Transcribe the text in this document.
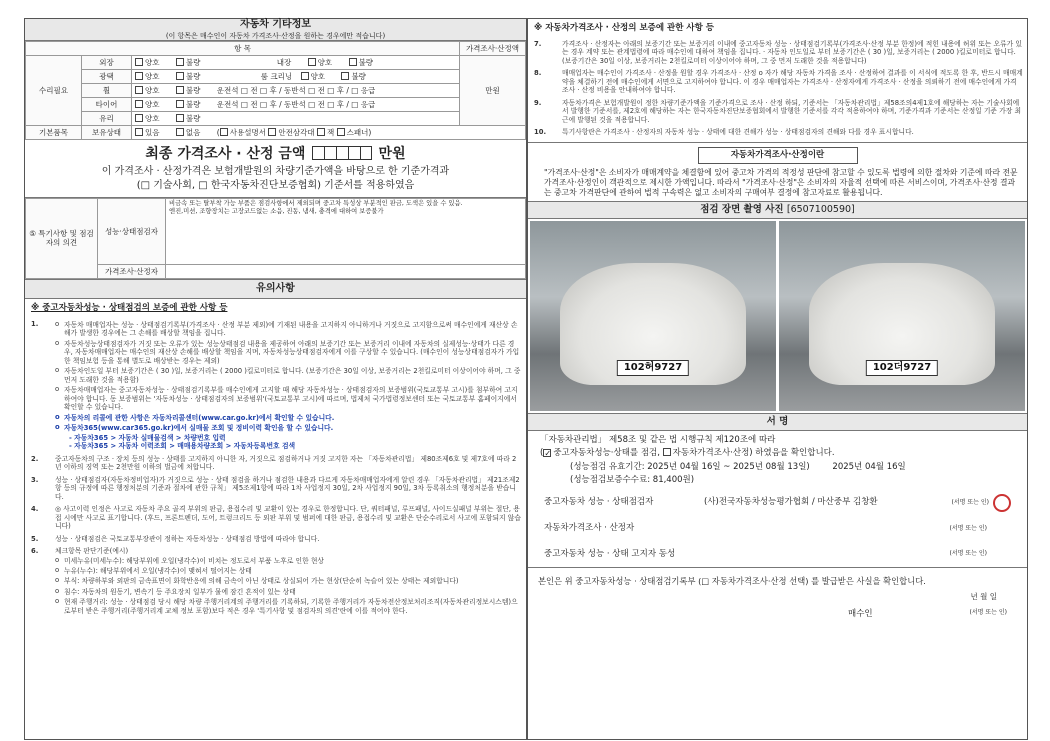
자동차 기타정보
(이 항목은 매수인이 자동차 가격조사·산정을 원하는 경우에만 적습니다)
항 목			가격조사·산정액
수리필요	외장	양호 불량 내장 양호 불량	만원
	광택	양호 불량 룸 크리닝 양호 불량	
	휠	양호 불량 운전석 □ 전 □ 후 / 동반석 □ 전 □ 후 / □ 응급	
	타이어	양호 불량 운전석 □ 전 □ 후 / 동반석 □ 전 □ 후 / □ 응급	
	유리	양호 불량	
기본품목	보유상태	있음 없음 ( 사용설명서 안전삼각대 잭 스패너)	
최종 가격조사 · 산정 금액	만원

이 가격조사 · 산정가격은 보험개발원의 차량기준가액을 바탕으로 한 기준가격과

(□ 기술사회, □ 한국자동차진단보증협회) 기준서를 적용하였음

⑤ 특기사항 및 점검자의 의견	성능·상태점검자	비금속 또는 탈부착 가능 부품은 점검사항에서 제외되며 중고차 특성상 부분적인 판금, 도색은 있을 수 있음.
엔진,미션, 조향장치는 고장코드없는 소음, 진동, 냄새, 충격에 대하여 보증불가
	가격조사·산정자	
유의사항
※ 중고자동차성능 · 상태점검의 보증에 관한 사항 등
1.	o 자동차 매매업자는 성능 · 상태점검기록부(가격조사 · 산정 부분 제외)에 기재된 내용을 고지하지 아니하거나 거짓으로 고지함으로써 매수인에게 재산상 손해가 발생한 경우에는 그 손해를 배상할 책임을 집니다.
o 자동차성능상태점검자가 거짓 또는 오류가 있는 성능상태점검 내용을 제공하여 아래의 보증기간 또는 보증거리 이내에 자동차의 실제성능·상태가 다른 경우, 자동차매매업자는 매수인의 재산상 손해를 배상할 책임을 지며, 자동차성능상태점검자에게 이를 구상할 수 있습니다. (매수인이 성능상태점검자가 가입한 책임보험 등을 통해 별도로 배상받는 경우는 제외)
o 자동차인도일 부터 보증기간은 ( 30 )일, 보증거리는 ( 2000 )킬로미터로 합니다. (보증기간은 30일 이상, 보증거리는 2천킬로미터 이상이어야 하며, 그 중 먼저 도래한 것을 적용함)
o 자동차매매업자는 중고자동차성능 · 상태점검기록부를 매수인에게 고지할 때 해당 자동차성능 · 상태점검자의 보증범위(국토교통부 고시)를 첨부하여 고지하여야 합니다. 동 보증범위는 '자동차성능 · 상태점검자의 보증범위'(국토교통부 고시)에 따르며, 법제처 국가법령정보센터 또는 국토교통부 홈페이지에서 확인할 수 있습니다.
o 자동차의 리콜에 관한 사항은 자동차리콜센터(www.car.go.kr)에서 확인할 수 있습니다.
o 자동차365(www.car365.go.kr)에서 실매물 조회 및 정비이력 확인을 할 수 있습니다.
- 자동차365 > 자동차 실매물검색 > 차량번호 입력
- 자동차365 > 자동차 이력조회 > 매매용차량조회 > 자동차등록번호 검색
2. 중고자동차의 구조 · 장치 등의 성능 · 상태를 고지하지 아니한 자, 거짓으로 점검하거나 거짓 고지한 자는 「자동차관리법」 제80조제6호 및 제7호에 따라 2년 이하의 징역 또는 2천만원 이하의 벌금에 처합니다.
3. 성능 · 상태점검자(자동차정비업자)가 거짓으로 성능 · 상태 점검을 하거나 점검한 내용과 다르게 자동차매매업자에게 알린 경우 「자동차관리법」 제21조제2항 등의 규정에 따른 행정처분의 기준과 절차에 관한 규칙」 제5조제1항에 따라 1차 사업정지 30일, 2차 사업정지 90일, 3차 등록취소의 행정처분을 받습니다.
4. ◎ 사고이력 인정은 사고로 자동차 주요 골격 부위의 판금, 용접수리 및 교환이 있는 경우로 한정합니다. 단, 쿼터패널, 루프패널, 사이드실패널 부위는 절단, 용접 시에만 사고로 표기합니다. (후드, 프론트펜더, 도어, 트렁크리드 등 외판 부위 및 범퍼에 대한 판금, 용접수리 및 교환은 단순수리로서 사고에 포함되지 않습니다)
5. 성능 · 상태점검은 국토교통부장관이 정하는 자동차성능 · 상태점검 방법에 따라야 합니다.
6. 체크항목 판단기준(예시)
o 미세누유(미세누수): 해당부위에 오일(냉각수)이 비치는 정도로서 부품 노후로 인한 현상
o 누유(누수): 해당부위에서 오일(냉각수)이 맺혀서 떨어지는 상태
o 부식: 차량하부와 외판의 금속표면이 화학반응에 의해 금속이 아닌 상태로 상실되어 가는 현상(단순히 녹슬어 있는 상태는 제외합니다)
o 침수: 자동차의 원동기, 변속기 등 주요장치 일부가 물에 잠긴 흔적이 있는 상태
o 현재 주행거리: 성능 · 상태점검 당시 해당 차량 주행거리계의 주행거리를 기록하되, 기록한 주행거리가 자동차전산정보처리조직(자동차관리정보시스템)으로부터 받은 주행거리(주행거리계 교체 정보 포함)보다 적은 경우 '특기사항 및 점검자의 의견'란에 이를 적어야 한다.
※ 자동차가격조사 · 산정의 보증에 관한 사항 등
7.	가격조사 · 산정자는 아래의 보증기간 또는 보증거리 이내에 중고자동차 성능 · 상태점검기록부(가격조사·산정 부분 한정)에 적힌 내용에 허위 또는 오류가 있는 경우 계약 또는 관계법령에 따라 매수인에 대하여 책임을 집니다. · 자동차 인도일로 부터 보증기간은 ( 30 )일, 보증거리는 ( 2000 )킬로미터로 합니다. (보증기간은 30일 이상, 보증거리는 2천킬로미터 이상이어야 하며, 그 중 먼저 도래한 것을 적용합니다)
8.	매매업자는 매수인이 가격조사 · 산정을 원할 경우 가격조사 · 산정 o 자가 해당 자동차 가격을 조사 · 산정하여 결과를 이 서식에 적도록 한 후, 반드시 매매계약을 체결하기 전에 매수인에게 서면으로 고지하여야 합니다. 이 경우 매매업자는 가격조사 · 산정자에게 가격조사 · 산정을 의뢰하기 전에 매수인에게 가격조사 · 산정 비용을 안내하여야 합니다.
9.	자동차가격은 보험개발원이 정한 차량기준가액을 기준가격으로 조사 · 산정 하되, 기준서는 「자동차관리법」제58조의4제1호에 해당하는 자는 기술사회에서 발행한 기준서를, 제2호에 해당하는 자는 한국자동차진단보증협회에서 발행한 기준서를 각각 적용하여야 하며, 기준가격과 기준서는 산정일 기준 가장 최근에 발행된 것을 적용합니다.
10. 특기사항란은 가격조사 · 산정자의 자동차 성능 · 상태에 대한 견해가 성능 · 상태점검자의 견해와 다를 경우 표시합니다.
자동차가격조사·산정이란
"가격조사·산정"은 소비자가 매매계약을 체결함에 있어 중고차 가격의 적정성 판단에 참고할 수 있도록 법령에 의한 절차와 기준에 따라 전문 가격조사·산정인이 객관적으로 제시한 가액입니다. 따라서 "가격조사·산정"은 소비자의 자율적 선택에 따른 서비스이며, 가격조사·산정 결과는 중고차 가격판단에 관하여 법적 구속력은 없고 소비자의 구매여부 결정에 참고자료로 활용됩니다.
점검 장면 촬영 사진 [6507100590]
102허9727	102더9727
서 명
「자동차관리법」 제58조 및 같은 법 시행규칙 제120조에 따라
( ✓ 중고자동차성능·상태를 점검, 자동차가격조사·산정) 하였음을 확인합니다.
(성능점검 유효기간: 2025년 04월 16일 ~ 2025년 08월 13일)	2025년 04월 16일
(성능점검보증수수료: 81,400원)
중고자동차 성능 · 상태점검자	(사)전국자동차성능평가협회 / 마산중부 김창환	(서명 또는 인)
자동차가격조사 · 산정자	(서명 또는 인)
중고자동차 성능 · 상태 고지자 동성	(서명 또는 인)
본인은 위 중고자동차성능 · 상태점검기록부 (□ 자동차가격조사·산정 선택) 를 발급받은 사실을 확인합니다.
년 월 일
매수인	(서명 또는 인)
